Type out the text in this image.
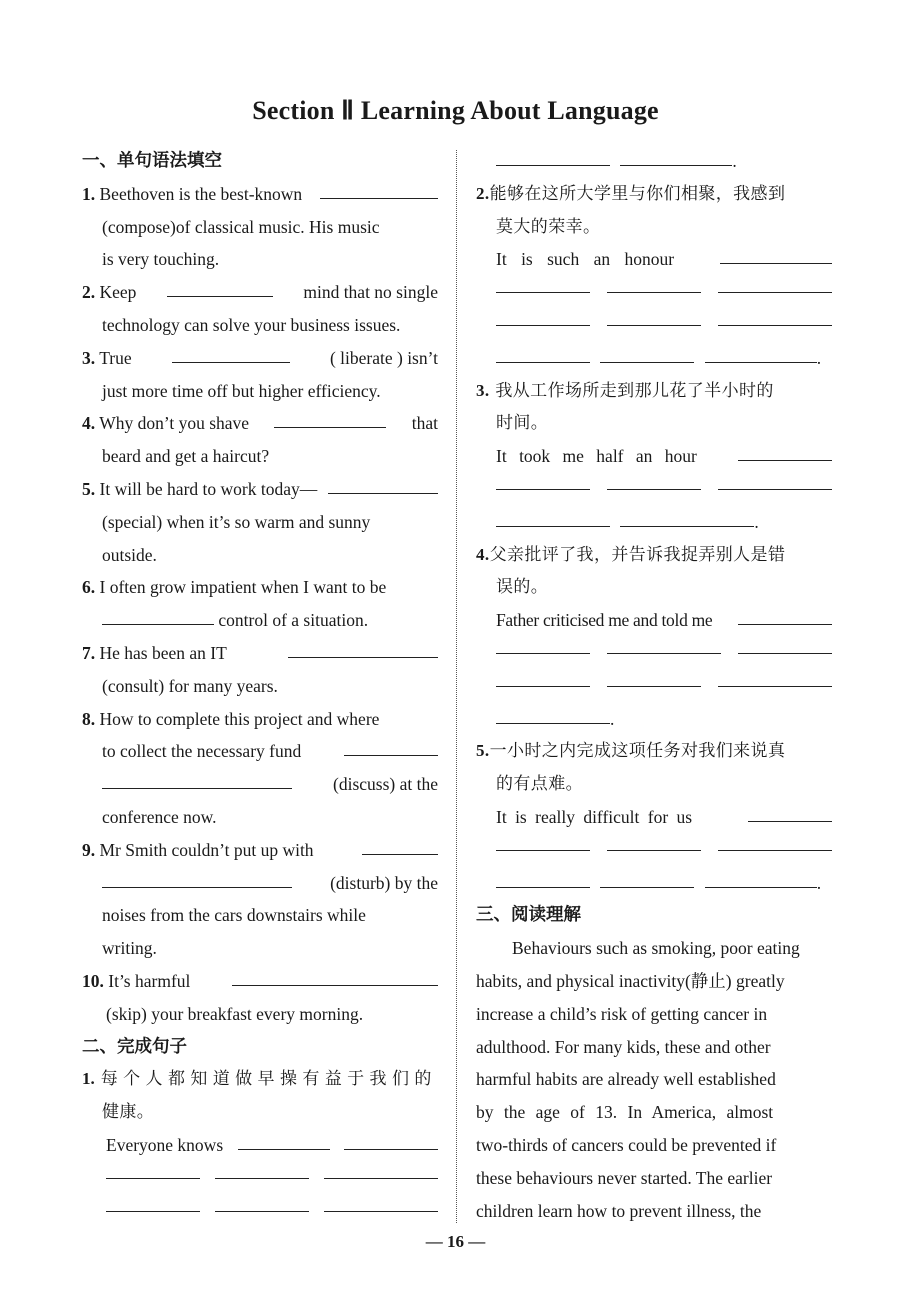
Section Ⅱ Learning About Language
一、单句语法填空
1. Beethoven is the best-known
(compose)of classical music. His music
is very touching.
2. Keep	mind that no single
technology can solve your business issues.
3. True	( liberate ) isn’t
just more time off but higher efficiency.
4. Why don’t you shave	that
beard and get a haircut?
5. It will be hard to work today—
(special) when it’s so warm and sunny
outside.
6. I often grow impatient when I want to be
control of a situation.
7. He has been an IT
(consult) for many years.
8. How to complete this project and where
to collect the necessary fund
(discuss) at the
conference now.
9. Mr Smith couldn’t put up with
(disturb) by the
noises from the cars downstairs while
writing.
10. It’s harmful
(skip) your breakfast every morning.
二、完成句子
1. 每个人都知道做早操有益于我们的
健康。
Everyone knows
.
2.能够在这所大学里与你们相聚，我感到
莫大的荣幸。
It is such an honour
.
3. 我从工作场所走到那儿花了半小时的
时间。
It took me half an hour
.
4.父亲批评了我，并告诉我捉弄别人是错
误的。
Father criticised me and told me
.
5.一小时之内完成这项任务对我们来说真
的有点难。
It is really difficult for us
.
三、阅读理解
Behaviours such as smoking, poor eating
habits, and physical inactivity(静止) greatly
increase a child’s risk of getting cancer in
adulthood. For many kids, these and other
harmful habits are already well established
by the age of 13. In America, almost
two-thirds of cancers could be prevented if
these behaviours never started. The earlier
children learn how to prevent illness, the
— 16 —
